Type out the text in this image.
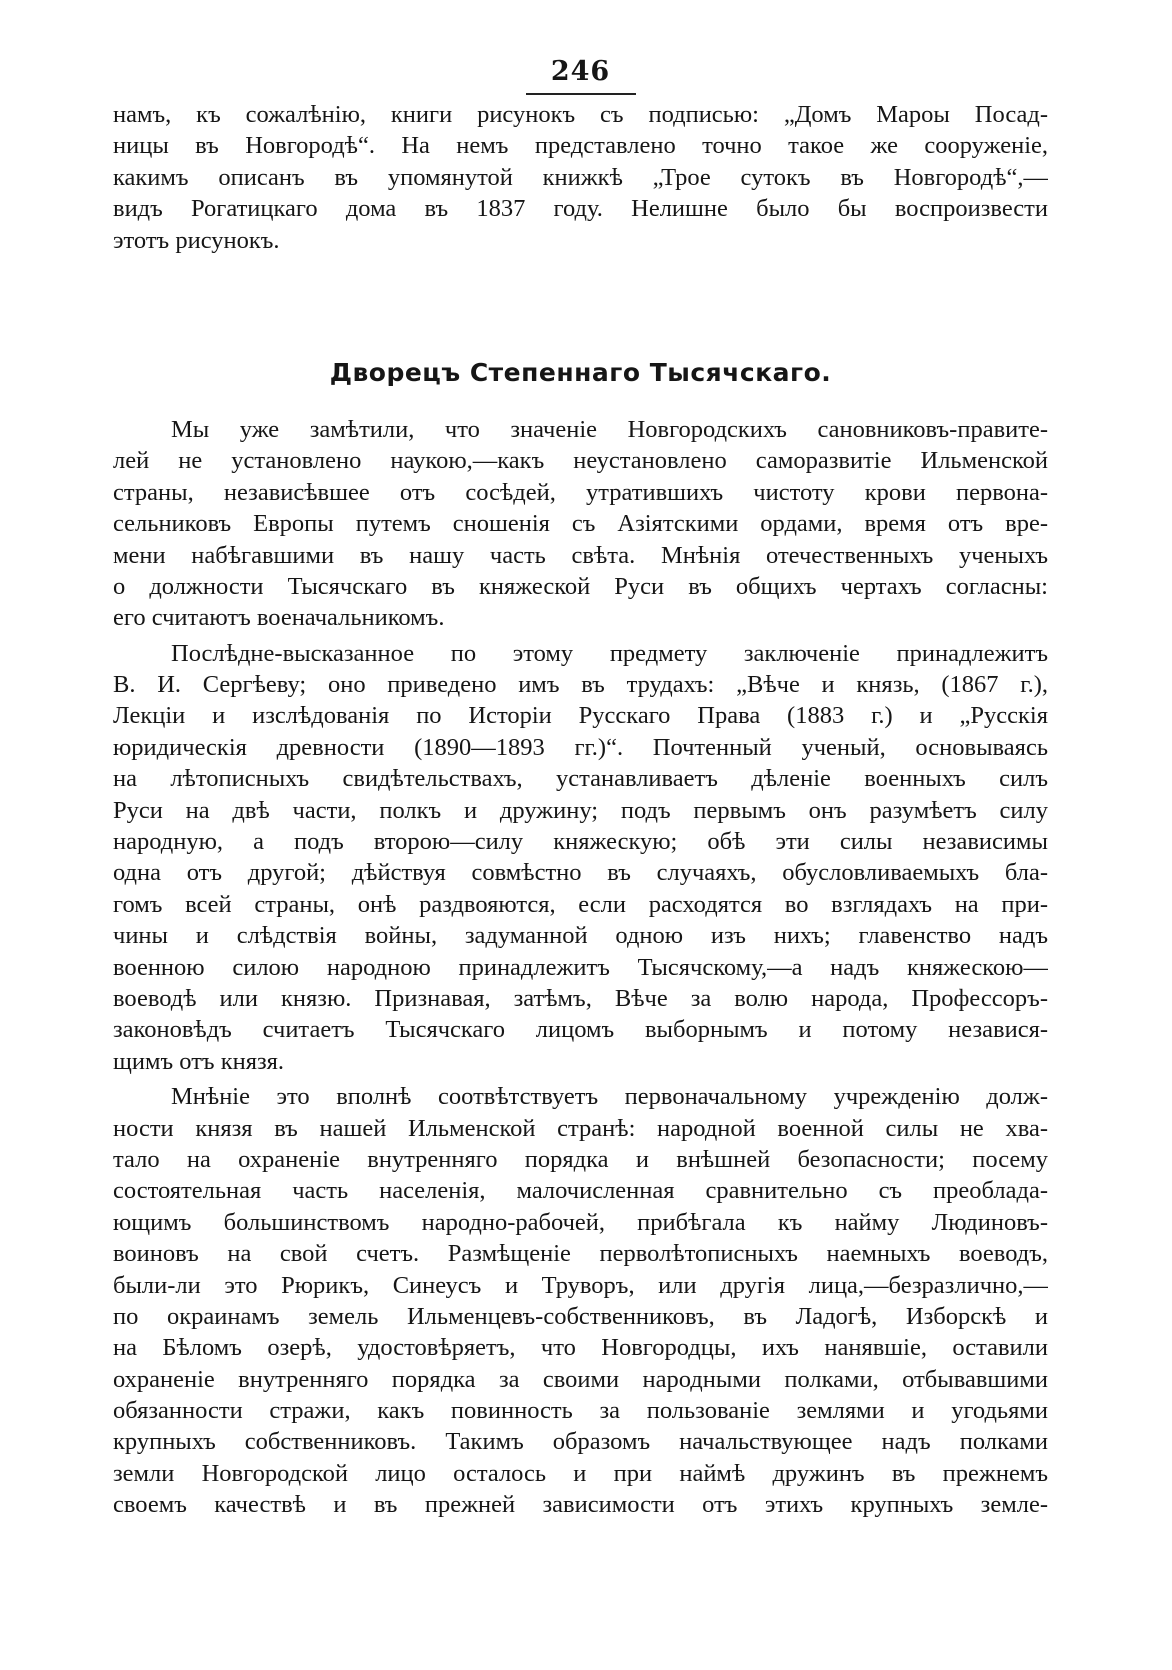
246
намъ, къ сожалѣнію, книги рисунокъ съ подписью: „Домъ Мароы Посад-
ницы въ Новгородѣ“. На немъ представлено точно такое же сооруженіе,
какимъ описанъ въ упомянутой книжкѣ „Трое сутокъ въ Новгородѣ“,—
видъ Рогатицкаго дома въ 1837 году. Нелишне было бы воспроизвести
этотъ рисунокъ.
Дворецъ Степеннаго Тысячскаго.
Мы уже замѣтили, что значеніе Новгородскихъ сановниковъ-правите-
лей не установлено наукою,—какъ неустановлено саморазвитіе Ильменской
страны, независѣвшее отъ сосѣдей, утратившихъ чистоту крови первона-
сельниковъ Европы путемъ сношенія съ Азіятскими ордами, время отъ вре-
мени набѣгавшими въ нашу часть свѣта. Мнѣнія отечественныхъ ученыхъ
о должности Тысячскаго въ княжеской Руси въ общихъ чертахъ согласны:
его считаютъ военачальникомъ.
Послѣдне-высказанное по этому предмету заключеніе принадлежитъ
В. И. Сергѣеву; оно приведено имъ въ трудахъ: „Вѣче и князь, (1867 г.),
Лекціи и изслѣдованія по Исторіи Русскаго Права (1883 г.) и „Русскія
юридическія древности (1890—1893 гг.)“. Почтенный ученый, основываясь
на лѣтописныхъ свидѣтельствахъ, устанавливаетъ дѣленіе военныхъ силъ
Руси на двѣ части, полкъ и дружину; подъ первымъ онъ разумѣетъ силу
народную, а подъ второю—силу княжескую; обѣ эти силы независимы
одна отъ другой; дѣйствуя совмѣстно въ случаяхъ, обусловливаемыхъ бла-
гомъ всей страны, онѣ раздвояются, если расходятся во взглядахъ на при-
чины и слѣдствія войны, задуманной одною изъ нихъ; главенство надъ
военною силою народною принадлежитъ Тысячскому,—а надъ княжескою—
воеводѣ или князю. Признавая, затѣмъ, Вѣче за волю народа, Профессоръ-
законовѣдъ считаетъ Тысячскаго лицомъ выборнымъ и потому независя-
щимъ отъ князя.
Мнѣніе это вполнѣ соотвѣтствуетъ первоначальному учрежденію долж-
ности князя въ нашей Ильменской странѣ: народной военной силы не хва-
тало на охраненіе внутренняго порядка и внѣшней безопасности; посему
состоятельная часть населенія, малочисленная сравнительно съ преоблада-
ющимъ большинствомъ народно-рабочей, прибѣгала къ найму Людиновъ-
воиновъ на свой счетъ. Размѣщеніе перволѣтописныхъ наемныхъ воеводъ,
были-ли это Рюрикъ, Синеусъ и Труворъ, или другія лица,—безразлично,—
по окраинамъ земель Ильменцевъ-собственниковъ, въ Ладогѣ, Изборскѣ и
на Бѣломъ озерѣ, удостовѣряетъ, что Новгородцы, ихъ нанявшіе, оставили
охраненіе внутренняго порядка за своими народными полками, отбывавшими
обязанности стражи, какъ повинность за пользованіе землями и угодьями
крупныхъ собственниковъ. Такимъ образомъ начальствующее надъ полками
земли Новгородской лицо осталось и при наймѣ дружинъ въ прежнемъ
своемъ качествѣ и въ прежней зависимости отъ этихъ крупныхъ земле-
